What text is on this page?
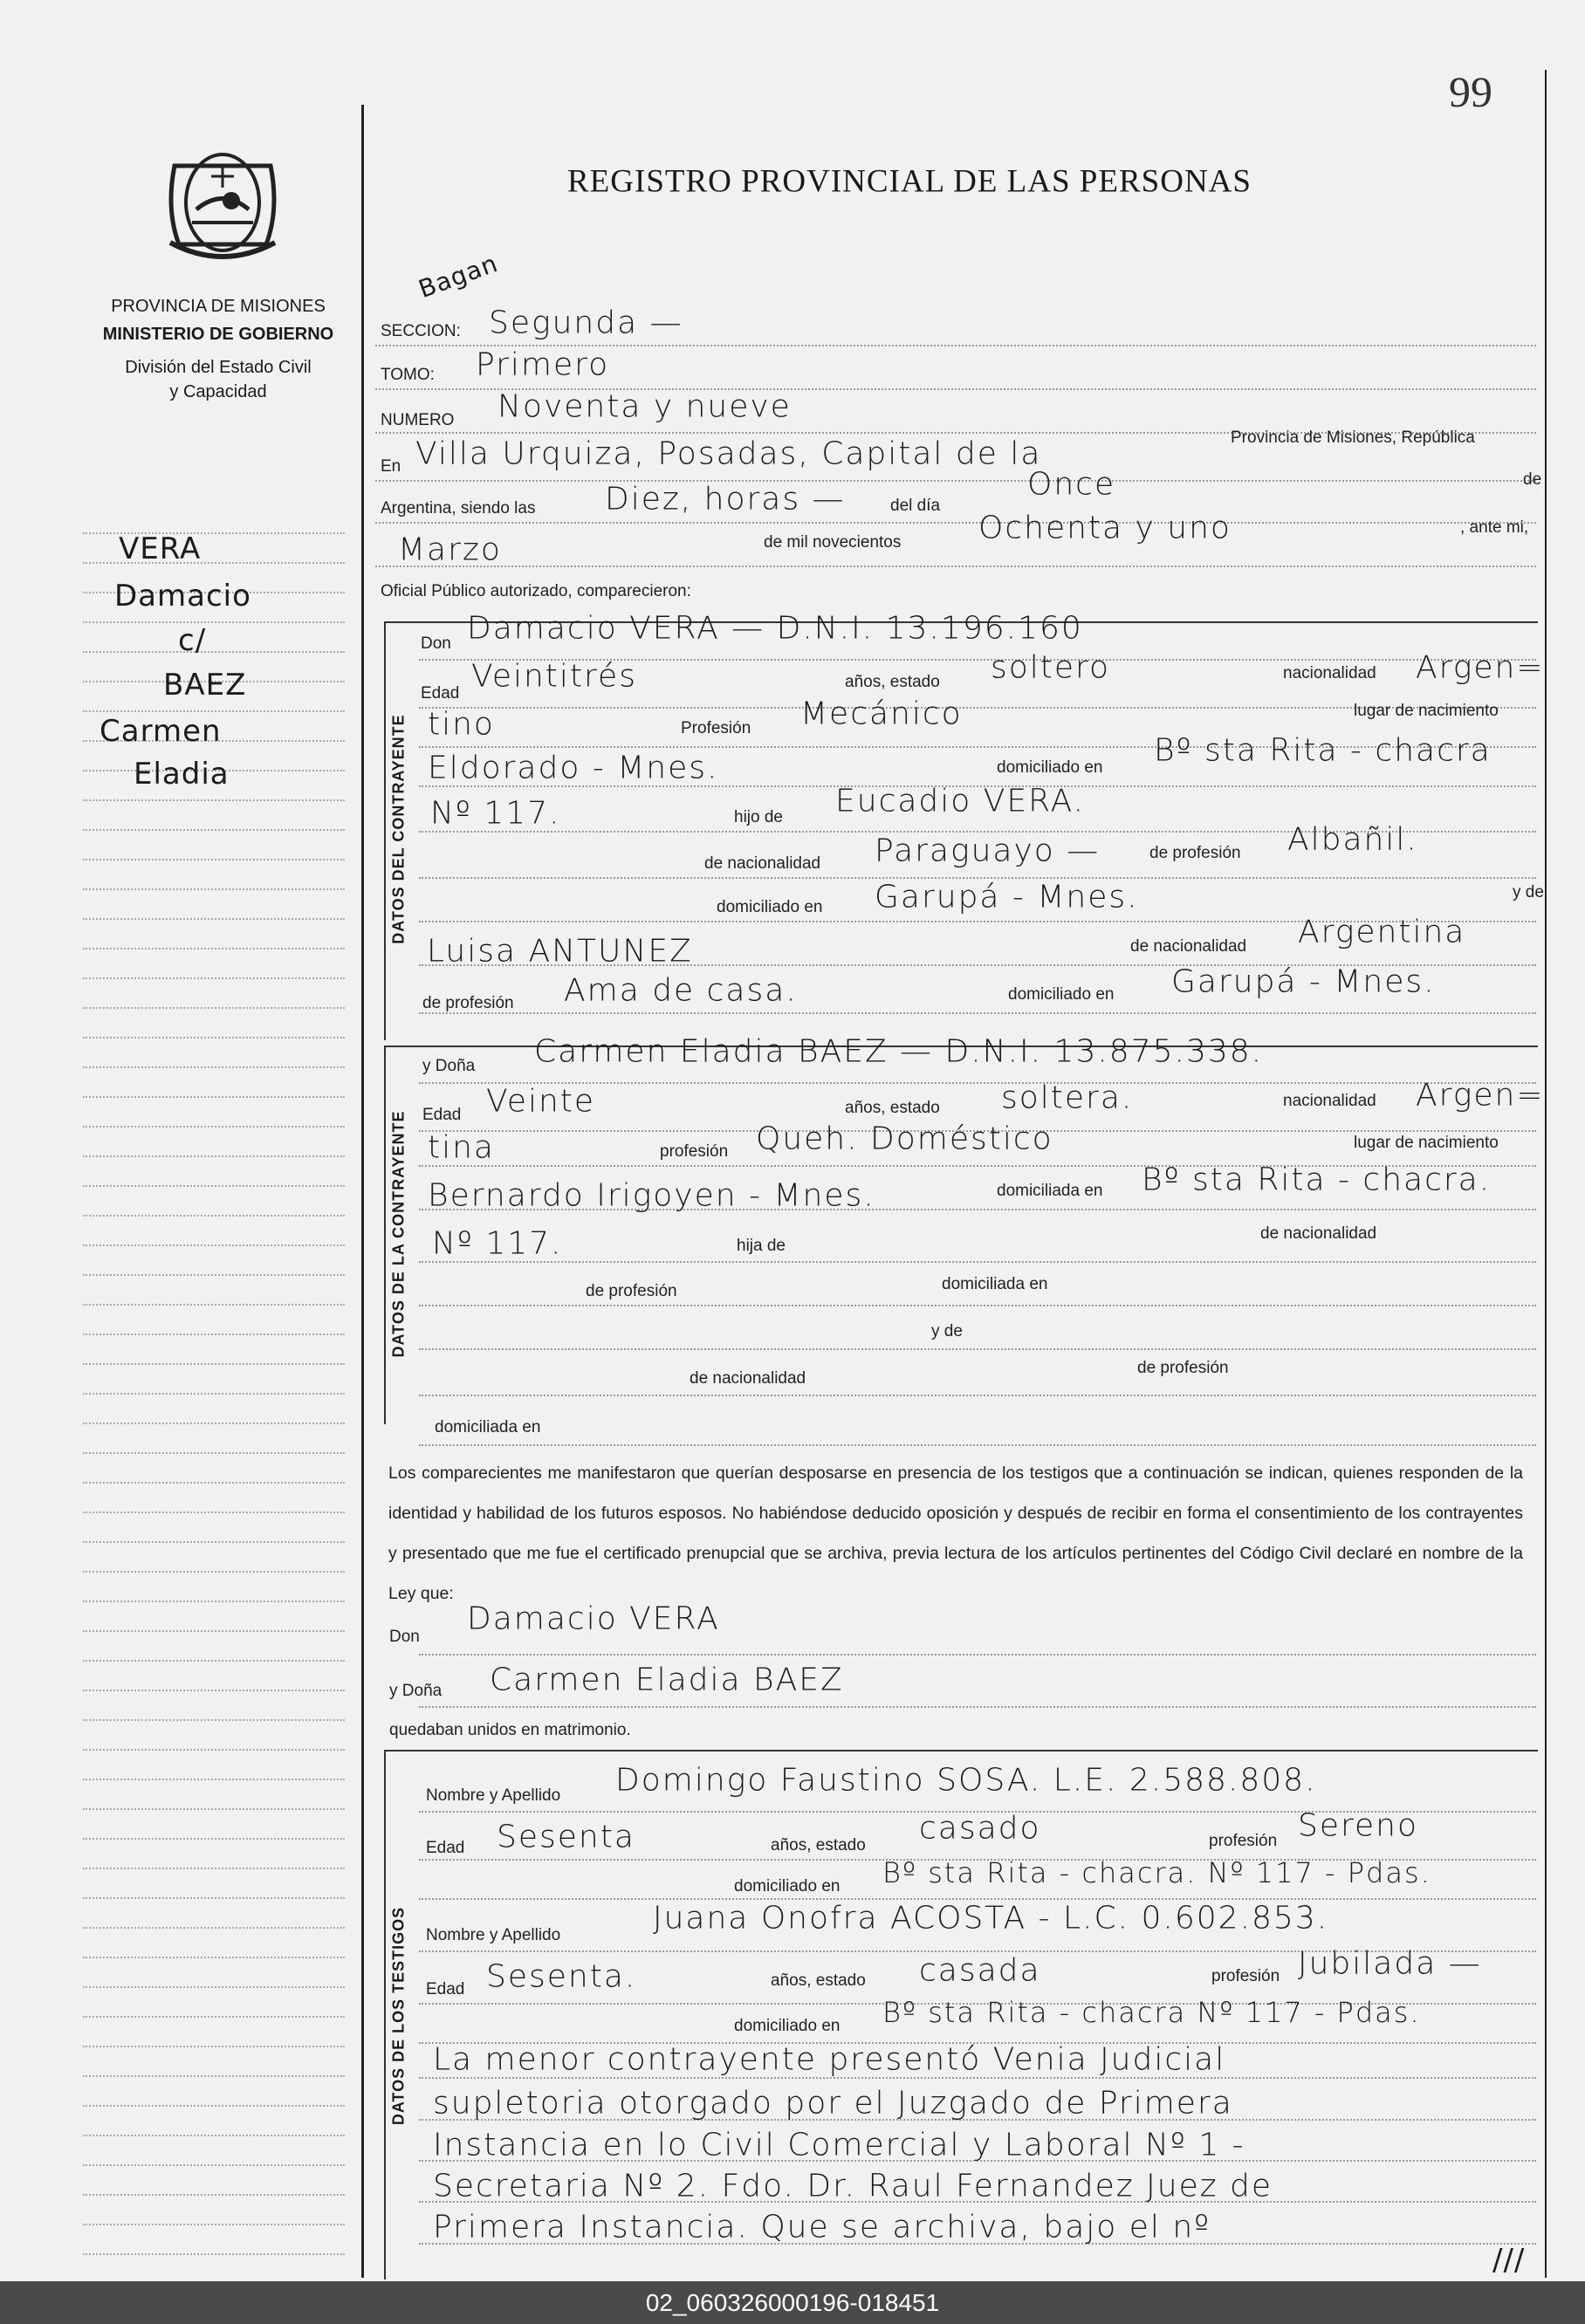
DATOS DEL CONTRAYENTE
DATOS DE LA CONTRAYENTE
DATOS DE LOS TESTIGOS
99
REGISTRO PROVINCIAL DE LAS PERSONAS
PROVINCIA DE MISIONES
MINISTERIO DE GOBIERNO
División del Estado Civil
y Capacidad
Bagan
VERA
Damacio
c/
BAEZ
Carmen
Eladia
SECCION: Segunda —
TOMO: Primero
NUMERO Noventa y nueve
En Villa Urquiza, Posadas, Capital de la	Provincia de Misiones, República
Argentina, siendo las Diez, horas —	del día
Once	de
Marzo	de mil novecientos Ochenta y uno	, ante mi,
Oficial Público autorizado, comparecieron:
Don Damacio VERA — D.N.I. 13.196.160
Edad Veintitrés	años, estado soltero	nacionalidad Argen=
tino	Profesión Mecánico	lugar de nacimiento
Eldorado - Mnes.	domiciliado en Bº sta Rita - chacra
Nº 117.	hijo de Eucadio VERA.
de nacionalidad Paraguayo —	de profesión Albañil.
domiciliado en Garupá - Mnes.	y de
Luisa ANTUNEZ	de nacionalidad Argentina
de profesión Ama de casa.	domiciliado en Garupá - Mnes.
y Doña Carmen Eladia BAEZ — D.N.I. 13.875.338.
Edad Veinte	años, estado soltera.	nacionalidad Argen=
tina	profesión Queh. Doméstico	lugar de nacimiento
Bernardo Irigoyen - Mnes.	domiciliada en Bº sta Rita - chacra.
Nº 117.	hija de
de nacionalidad
de profesión	domiciliada en
y de
de nacionalidad
de profesión
domiciliada en
Los comparecientes me manifestaron que querían desposarse en presencia de los testigos que a continuación se indican, quienes responden de la identidad y habilidad de los futuros esposos. No habiéndose deducido oposición y después de recibir en forma el consentimiento de los contrayentes y presentado que me fue el certificado prenupcial que se archiva, previa lectura de los artículos pertinentes del Código Civil declaré en nombre de la Ley que:
Don Damacio VERA
y Doña Carmen Eladia BAEZ
quedaban unidos en matrimonio.
Nombre y Apellido Domingo Faustino SOSA. L.E. 2.588.808.
Edad Sesenta	años, estado casado	profesión Sereno
domiciliado en Bº sta Rita - chacra. Nº 117 - Pdas.
Nombre y Apellido	Juana Onofra ACOSTA - L.C. 0.602.853.
Edad Sesenta.	años, estado casada	profesión Jubilada —
domiciliado en Bº sta Rita - chacra Nº 117 - Pdas.
La menor contrayente presentó Venia Judicial
supletoria otorgado por el Juzgado de Primera
Instancia en lo Civil Comercial y Laboral Nº 1 -
Secretaria Nº 2. Fdo. Dr. Raul Fernandez Juez de
Primera Instancia. Que se archiva, bajo el nº
///
02_060326000196-018451
